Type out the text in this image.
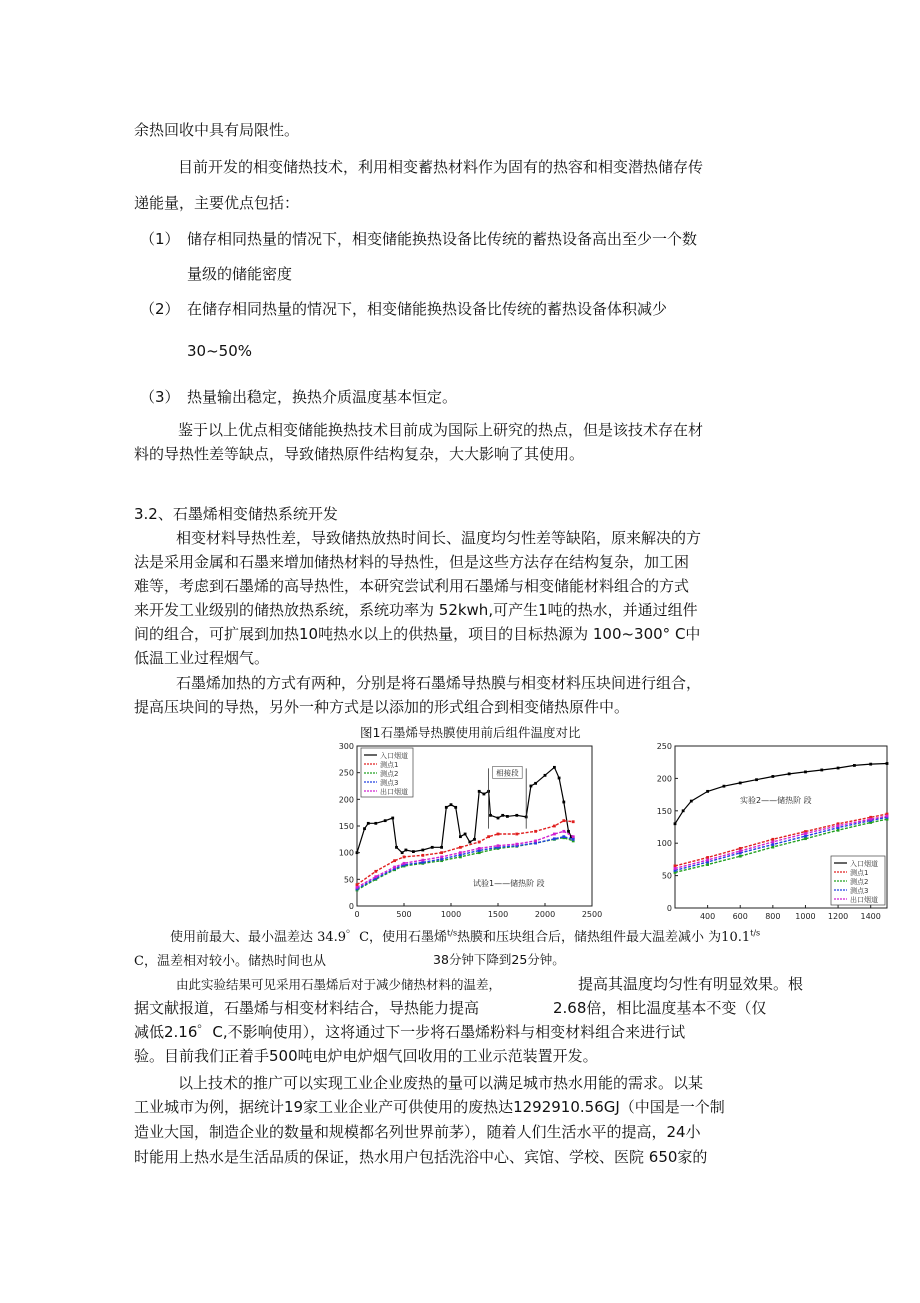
余热回收中具有局限性。
目前开发的相变储热技术，利用相变蓄热材料作为固有的热容和相变潜热储存传
递能量，主要优点包括：
（1） 储存相同热量的情况下，相变储能换热设备比传统的蓄热设备高出至少一个数
量级的储能密度
（2） 在储存相同热量的情况下，相变储能换热设备比传统的蓄热设备体积减少
30~50%
（3） 热量输出稳定，换热介质温度基本恒定。
鉴于以上优点相变储能换热技术目前成为国际上研究的热点，但是该技术存在材
料的导热性差等缺点，导致储热原件结构复杂，大大影响了其使用。
3.2、石墨烯相变储热系统开发
相变材料导热性差，导致储热放热时间长、温度均匀性差等缺陷，原来解决的方
法是采用金属和石墨来增加储热材料的导热性，但是这些方法存在结构复杂，加工困
难等，考虑到石墨烯的高导热性，本研究尝试利用石墨烯与相变储能材料组合的方式
来开发工业级别的储热放热系统，系统功率为 52kwh,可产生1吨的热水，并通过组件
间的组合，可扩展到加热10吨热水以上的供热量，项目的目标热源为 100~300° C中
低温工业过程烟气。
石墨烯加热的方式有两种，分别是将石墨烯导热膜与相变材料压块间进行组合，
提高压块间的导热，另外一种方式是以添加的形式组合到相变储热原件中。
图1石墨烯导热膜使用前后组件温度对比
0
50
100
150
200
250
300
0	500	1000	1500	2000	2500
入口烟道
测点1
测点2
测点3
出口烟道
试验1——储热阶 段
相接段
0
50
100
150
200
250
400 600 800 1000 1200 1400
入口烟道
测点1
测点2
测点3
出口烟道
实验2——储热阶 段
使用前最大、最小温差达 34.9゜C，使用石墨烯$^{t/s}$热膜和压块组合后，储热组件最大温差减小 为$10.1^{t/s}$
C，温差相对较小。储热时间也从	38分钟下降到25分钟。
由此实验结果可见采用石墨烯后对于减少储热材料的温差，	提高其温度均匀性有明显效果。根
据文献报道，石墨烯与相变材料结合，导热能力提高	2.68倍，相比温度基本不变（仅
减低2.16゜C,不影响使用），这将通过下一步将石墨烯粉料与相变材料组合来进行试
验。目前我们正着手500吨电炉电炉烟气回收用的工业示范装置开发。
以上技术的推广可以实现工业企业废热的量可以满足城市热水用能的需求。以某
工业城市为例，据统计19家工业企业产可供使用的废热达1292910.56GJ（中国是一个制
造业大国，制造企业的数量和规模都名列世界前茅），随着人们生活水平的提高，24小
时能用上热水是生活品质的保证，热水用户包括洗浴中心、宾馆、学校、医院 650家的
